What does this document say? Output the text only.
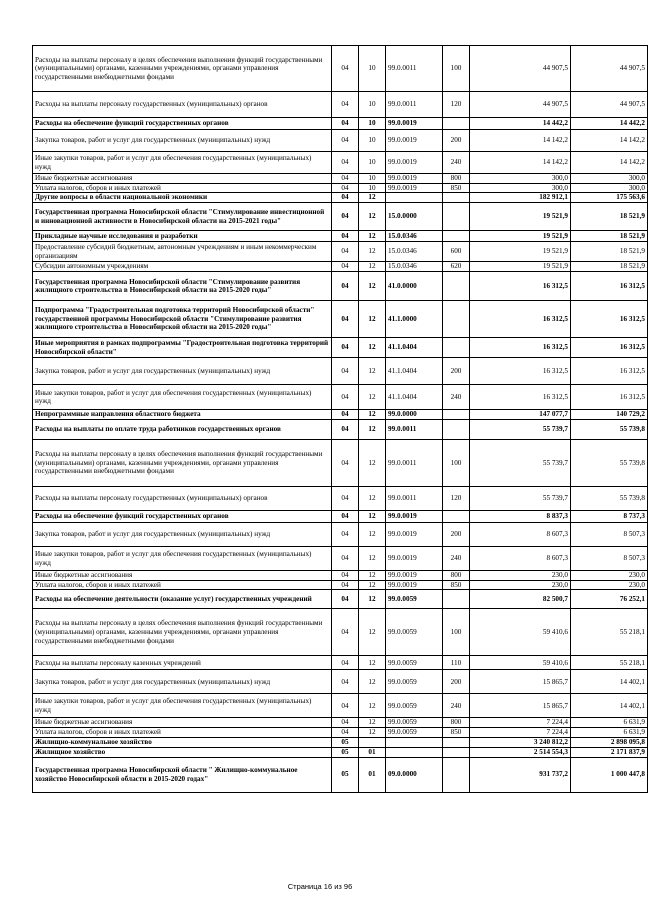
Расходы на выплаты персоналу в целях обеспечения выполнения функций государственными (муниципальными) органами, казенными учреждениями, органами управления государственными внебюджетными фондами	04	10	99.0.0011	100	44 907,5	44 907,5
Расходы на выплаты персоналу государственных (муниципальных) органов	04	10	99.0.0011	120	44 907,5	44 907,5
Расходы на обеспечение функций государственных органов	04	10	99.0.0019		14 442,2	14 442,2
Закупка товаров, работ и услуг для государственных (муниципальных) нужд	04	10	99.0.0019	200	14 142,2	14 142,2
Иные закупки товаров, работ и услуг для обеспечения государственных (муниципальных) нужд	04	10	99.0.0019	240	14 142,2	14 142,2
Иные бюджетные ассигнования	04	10	99.0.0019	800	300,0	300,0
Уплата налогов, сборов и иных платежей	04	10	99.0.0019	850	300,0	300,0
Другие вопросы в области национальной экономики	04	12			182 912,1	175 563,6
Государственная программа Новосибирской области "Стимулирование инвестиционной и инновационной активности в Новосибирской области на 2015-2021 годы"	04	12	15.0.0000		19 521,9	18 521,9
Прикладные научные исследования и разработки	04	12	15.0.0346		19 521,9	18 521,9
Предоставление субсидий бюджетным, автономным учреждениям и иным некоммерческим организациям	04	12	15.0.0346	600	19 521,9	18 521,9
Субсидии автономным учреждениям	04	12	15.0.0346	620	19 521,9	18 521,9
Государственная программа Новосибирской области "Стимулирование развития жилищного строительства в Новосибирской области на 2015-2020 годы"	04	12	41.0.0000		16 312,5	16 312,5
Подпрограмма "Градостроительная подготовка территорий Новосибирской области" государственной программы Новосибирской области "Стимулирование развития жилищного строительства в Новосибирской области на 2015-2020 годы"	04	12	41.1.0000		16 312,5	16 312,5
Иные мероприятия в рамках подпрограммы "Градостроительная подготовка территорий Новосибирской области"	04	12	41.1.0404		16 312,5	16 312,5
Закупка товаров, работ и услуг для государственных (муниципальных) нужд	04	12	41.1.0404	200	16 312,5	16 312,5
Иные закупки товаров, работ и услуг для обеспечения государственных (муниципальных) нужд	04	12	41.1.0404	240	16 312,5	16 312,5
Непрограммные направления областного бюджета	04	12	99.0.0000		147 077,7	140 729,2
Расходы на выплаты по оплате труда работников государственных органов	04	12	99.0.0011		55 739,7	55 739,8
Расходы на выплаты персоналу в целях обеспечения выполнения функций государственными (муниципальными) органами, казенными учреждениями, органами управления государственными внебюджетными фондами	04	12	99.0.0011	100	55 739,7	55 739,8
Расходы на выплаты персоналу государственных (муниципальных) органов	04	12	99.0.0011	120	55 739,7	55 739,8
Расходы на обеспечение функций государственных органов	04	12	99.0.0019		8 837,3	8 737,3
Закупка товаров, работ и услуг для государственных (муниципальных) нужд	04	12	99.0.0019	200	8 607,3	8 507,3
Иные закупки товаров, работ и услуг для обеспечения государственных (муниципальных) нужд	04	12	99.0.0019	240	8 607,3	8 507,3
Иные бюджетные ассигнования	04	12	99.0.0019	800	230,0	230,0
Уплата налогов, сборов и иных платежей	04	12	99.0.0019	850	230,0	230,0
Расходы на обеспечение деятельности (оказание услуг) государственных учреждений	04	12	99.0.0059		82 500,7	76 252,1
Расходы на выплаты персоналу в целях обеспечения выполнения функций государственными (муниципальными) органами, казенными учреждениями, органами управления государственными внебюджетными фондами	04	12	99.0.0059	100	59 410,6	55 218,1
Расходы на выплаты персоналу казенных учреждений	04	12	99.0.0059	110	59 410,6	55 218,1
Закупка товаров, работ и услуг для государственных (муниципальных) нужд	04	12	99.0.0059	200	15 865,7	14 402,1
Иные закупки товаров, работ и услуг для обеспечения государственных (муниципальных) нужд	04	12	99.0.0059	240	15 865,7	14 402,1
Иные бюджетные ассигнования	04	12	99.0.0059	800	7 224,4	6 631,9
Уплата налогов, сборов и иных платежей	04	12	99.0.0059	850	7 224,4	6 631,9
Жилищно-коммунальное хозяйство	05				3 240 812,2	2 898 095,8
Жилищное хозяйство	05	01			2 514 554,3	2 171 837,9
Государственная программа Новосибирской области " Жилищно-коммунальное хозяйство Новосибирской области в 2015-2020 годах"	05	01	09.0.0000		931 737,2	1 000 447,8
Страница 16 из 96
